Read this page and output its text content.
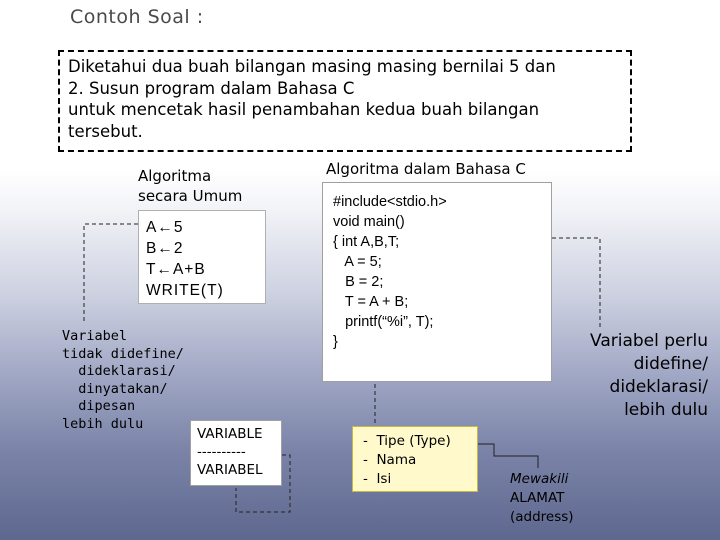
Contoh Soal :
Diketahui dua buah bilangan masing masing bernilai 5 dan
2. Susun program dalam Bahasa C
untuk mencetak hasil penambahan kedua buah bilangan
tersebut.
Algoritma
secara Umum
Algoritma dalam Bahasa C
A←5
B←2
T←A+B
WRITE(T)
#include<stdio.h>
void main()
{ int A,B,T;
A = 5;
B = 2;
T = A + B;
printf(“%i”, T);
}
Variabel
tidak didefine/
dideklarasi/
dinyatakan/
dipesan
lebih dulu
VARIABLE
----------
VARIABEL
-  Tipe (Type)
-  Nama
-  Isi
Variabel perlu
didefine/
dideklarasi/
lebih dulu
Mewakili
ALAMAT
(address)
